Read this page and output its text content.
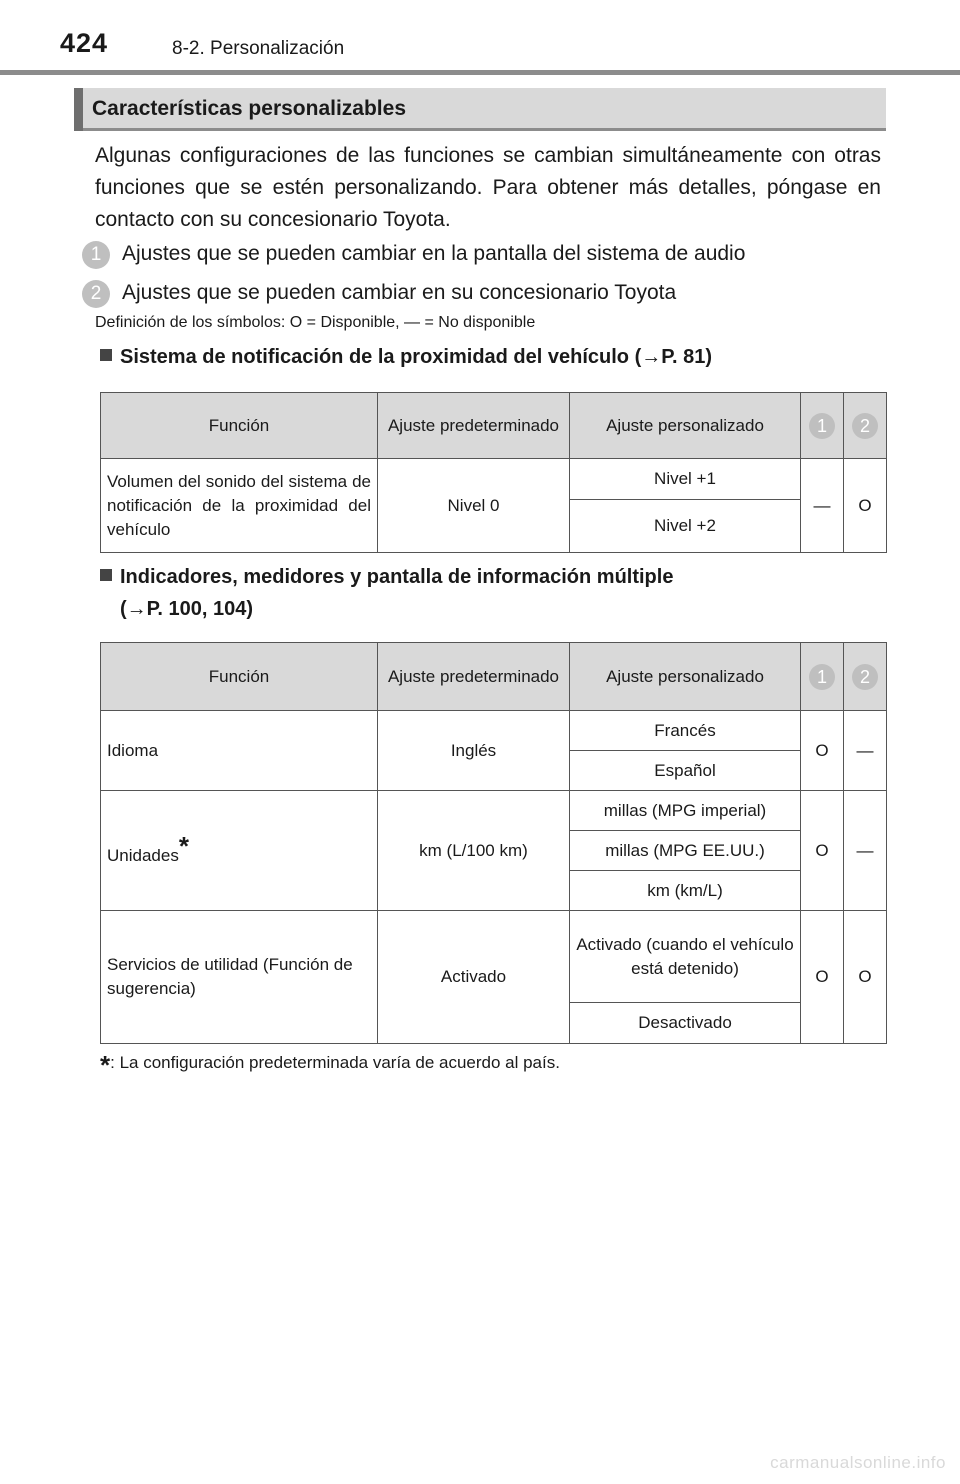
424	8-2. Personalización
Características personalizables
Algunas configuraciones de las funciones se cambian simultáneamente con otras funciones que se estén personalizando. Para obtener más detalles, póngase en contacto con su concesionario Toyota.
1 Ajustes que se pueden cambiar en la pantalla del sistema de audio
2 Ajustes que se pueden cambiar en su concesionario Toyota
Definición de los símbolos: O = Disponible, — = No disponible
Sistema de notificación de la proximidad del vehículo (→P. 81)
Función	Ajuste predeterminado	Ajuste personalizado	1	2
Volumen del sonido del sistema de notificación de la proximidad del vehículo	Nivel 0	Nivel +1	—	O
		Nivel +2		
Indicadores, medidores y pantalla de información múltiple
(→P. 100, 104)
Función	Ajuste predeterminado	Ajuste personalizado	1	2
Idioma	Inglés	Francés	O	—
		Español		
Unidades*	km (L/100 km)	millas (MPG imperial)	O	—
		millas (MPG EE.UU.)		
		km (km/L)		
Servicios de utilidad (Función de sugerencia)	Activado	Activado (cuando el vehículo está detenido)	O	O
		Desactivado		
*: La configuración predeterminada varía de acuerdo al país.
carmanualsonline.info
